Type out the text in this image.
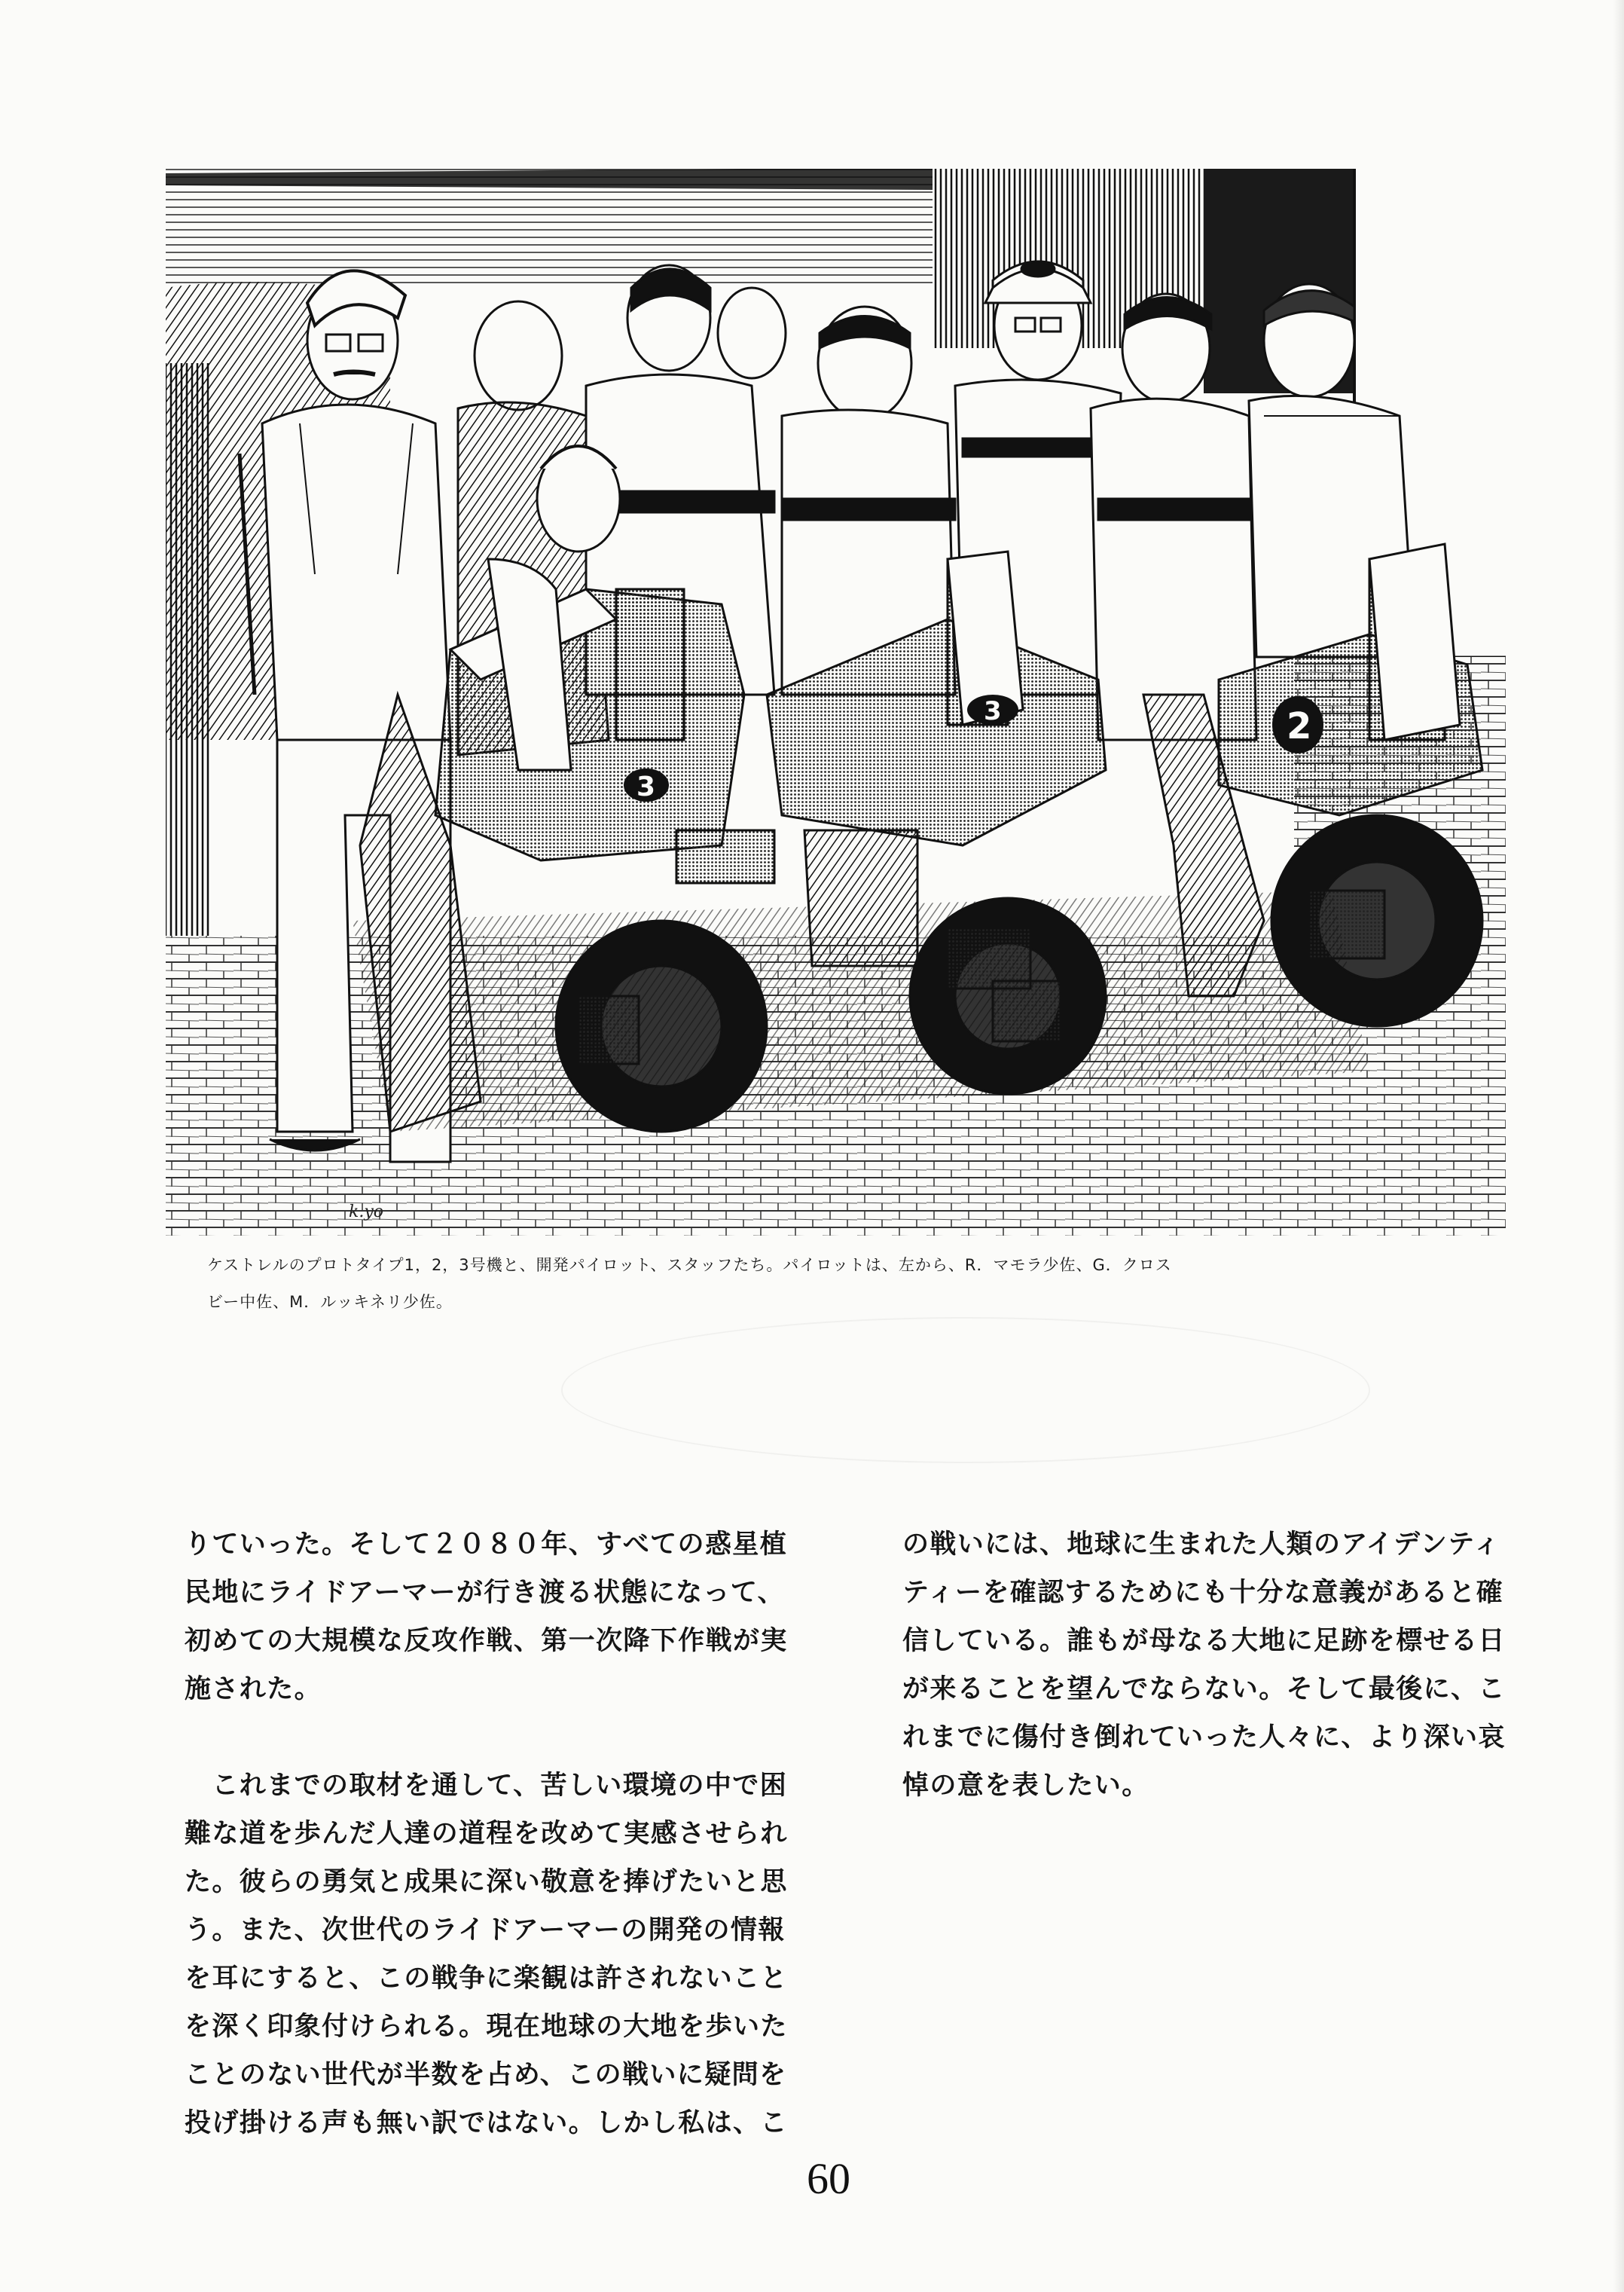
3
3	2
k.yo

ケストレルのプロトタイプ1，2，3号機と、開発パイロット、スタッフたち。パイロットは、左から、R．マモラ少佐、G．クロス

ビー中佐、M．ルッキネリ少佐。

りていった。そして２０８０年、すべての惑星植

民地にライドアーマーが行き渡る状態になって、

初めての大規模な反攻作戦、第一次降下作戦が実

施された。

　これまでの取材を通して、苦しい環境の中で困

難な道を歩んだ人達の道程を改めて実感させられ

た。彼らの勇気と成果に深い敬意を捧げたいと思

う。また、次世代のライドアーマーの開発の情報

を耳にすると、この戦争に楽観は許されないこと

を深く印象付けられる。現在地球の大地を歩いた

ことのない世代が半数を占め、この戦いに疑問を

投げ掛ける声も無い訳ではない。しかし私は、こ

の戦いには、地球に生まれた人類のアイデンティ

ティーを確認するためにも十分な意義があると確

信している。誰もが母なる大地に足跡を標せる日

が来ることを望んでならない。そして最後に、こ

れまでに傷付き倒れていった人々に、より深い哀

悼の意を表したい。

60
